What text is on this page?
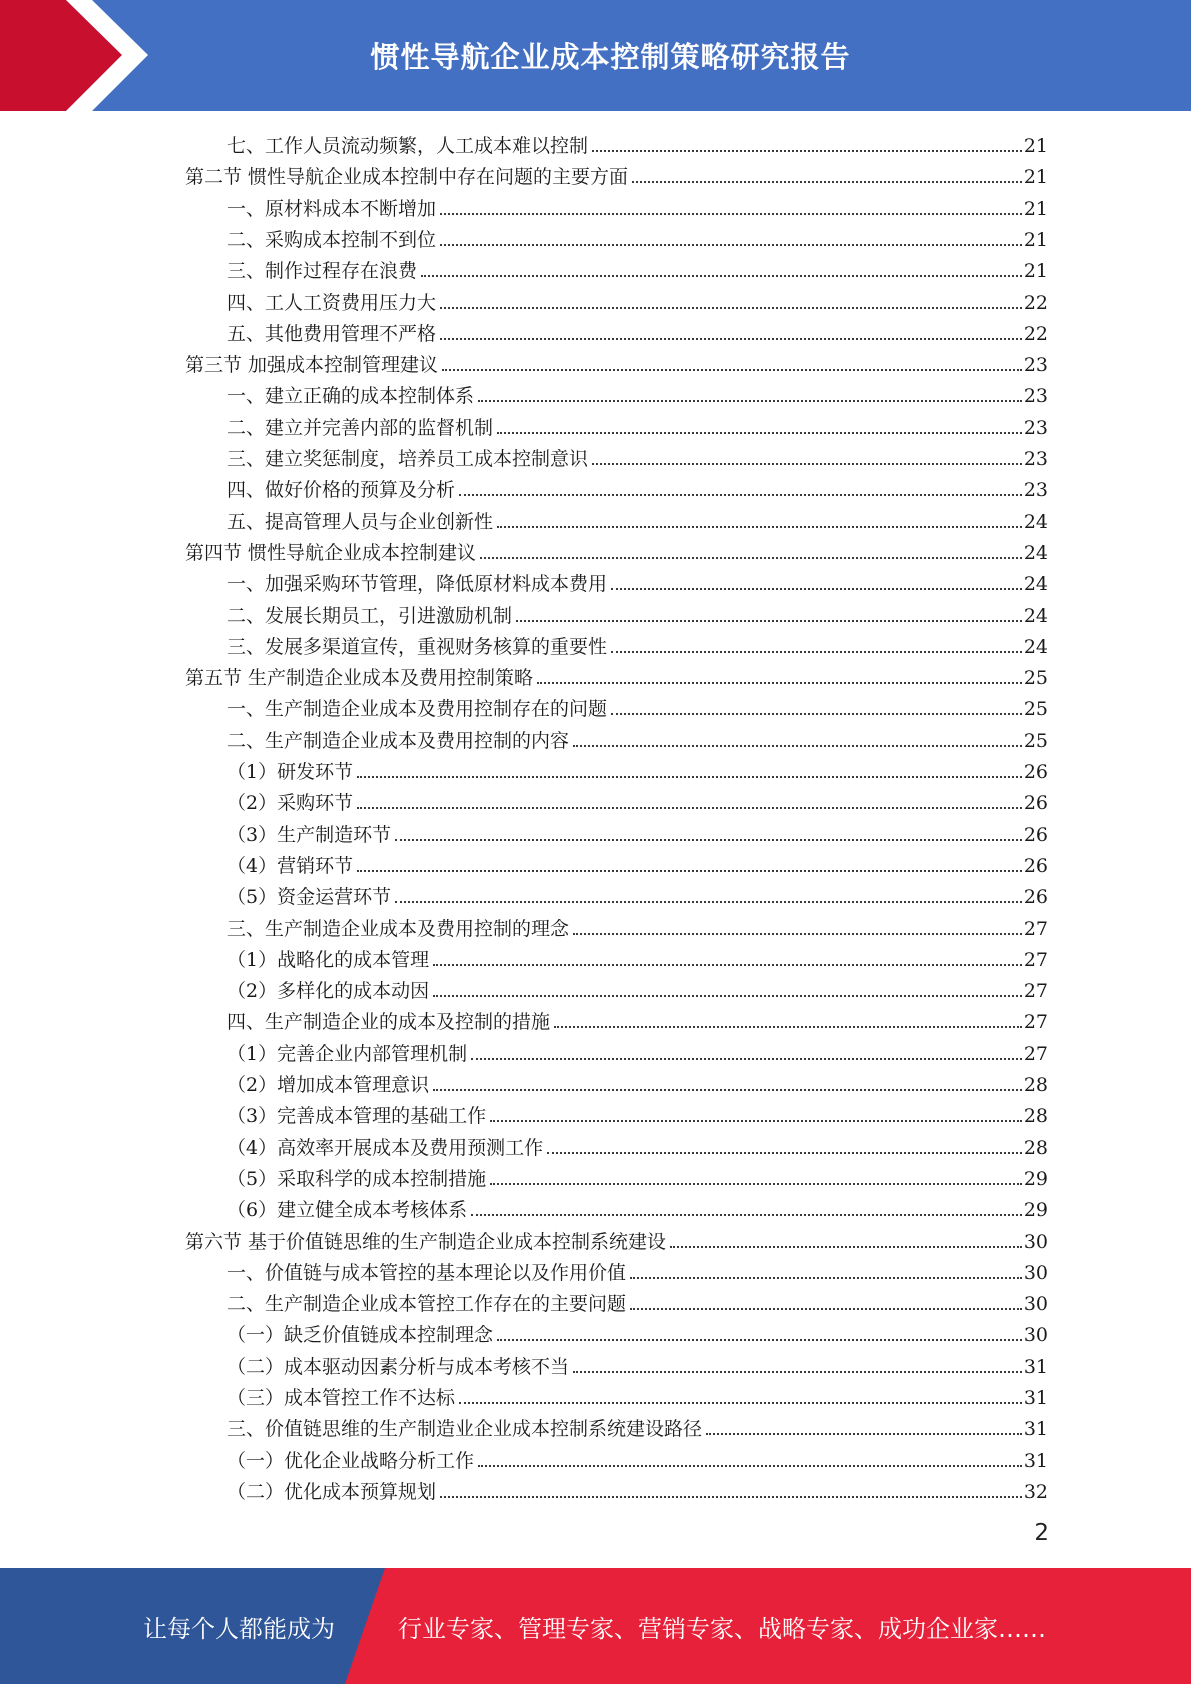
惯性导航企业成本控制策略研究报告
七、工作人员流动频繁，人工成本难以控制	21
第二节 惯性导航企业成本控制中存在问题的主要方面	21
一、原材料成本不断增加	21
二、采购成本控制不到位	21
三、制作过程存在浪费	21
四、工人工资费用压力大	22
五、其他费用管理不严格	22
第三节 加强成本控制管理建议	23
一、建立正确的成本控制体系	23
二、建立并完善内部的监督机制	23
三、建立奖惩制度，培养员工成本控制意识	23
四、做好价格的预算及分析	23
五、提高管理人员与企业创新性	24
第四节 惯性导航企业成本控制建议	24
一、加强采购环节管理，降低原材料成本费用	24
二、发展长期员工，引进激励机制	24
三、发展多渠道宣传，重视财务核算的重要性	24
第五节 生产制造企业成本及费用控制策略	25
一、生产制造企业成本及费用控制存在的问题	25
二、生产制造企业成本及费用控制的内容	25
（1）研发环节	26
（2）采购环节	26
（3）生产制造环节	26
（4）营销环节	26
（5）资金运营环节	26
三、生产制造企业成本及费用控制的理念	27
（1）战略化的成本管理	27
（2）多样化的成本动因	27
四、生产制造企业的成本及控制的措施	27
（1）完善企业内部管理机制	27
（2）增加成本管理意识	28
（3）完善成本管理的基础工作	28
（4）高效率开展成本及费用预测工作	28
（5）采取科学的成本控制措施	29
（6）建立健全成本考核体系	29
第六节 基于价值链思维的生产制造企业成本控制系统建设	30
一、价值链与成本管控的基本理论以及作用价值	30
二、生产制造企业成本管控工作存在的主要问题	30
（一）缺乏价值链成本控制理念	30
（二）成本驱动因素分析与成本考核不当	31
（三）成本管控工作不达标	31
三、价值链思维的生产制造业企业成本控制系统建设路径	31
（一）优化企业战略分析工作	31
（二）优化成本预算规划	32
2
让每个人都能成为	行业专家、管理专家、营销专家、战略专家、成功企业家……
